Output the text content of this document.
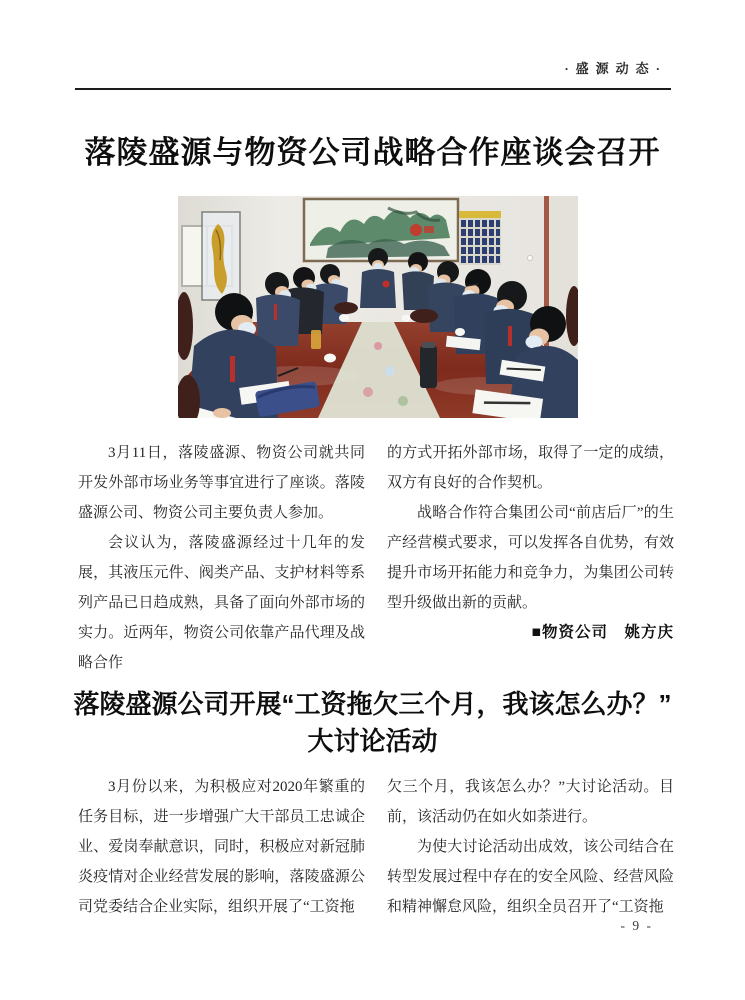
·盛源动态·
落陵盛源与物资公司战略合作座谈会召开

3月11日，落陵盛源、物资公司就共同开发外部市场业务等事宜进行了座谈。落陵盛源公司、物资公司主要负责人参加。

会议认为，落陵盛源经过十几年的发展，其液压元件、阀类产品、支护材料等系列产品已日趋成熟，具备了面向外部市场的实力。近两年，物资公司依靠产品代理及战略合作

的方式开拓外部市场，取得了一定的成绩，双方有良好的合作契机。

战略合作符合集团公司“前店后厂”的生产经营模式要求，可以发挥各自优势，有效提升市场开拓能力和竞争力，为集团公司转型升级做出新的贡献。

■物资公司　姚方庆

落陵盛源公司开展“工资拖欠三个月，我该怎么办？”
大讨论活动

3月份以来，为积极应对2020年繁重的任务目标，进一步增强广大干部员工忠诚企业、爱岗奉献意识，同时，积极应对新冠肺炎疫情对企业经营发展的影响，落陵盛源公司党委结合企业实际，组织开展了“工资拖

欠三个月，我该怎么办？”大讨论活动。目前，该活动仍在如火如荼进行。

为使大讨论活动出成效，该公司结合在转型发展过程中存在的安全风险、经营风险和精神懈怠风险，组织全员召开了“工资拖

- 9 -
